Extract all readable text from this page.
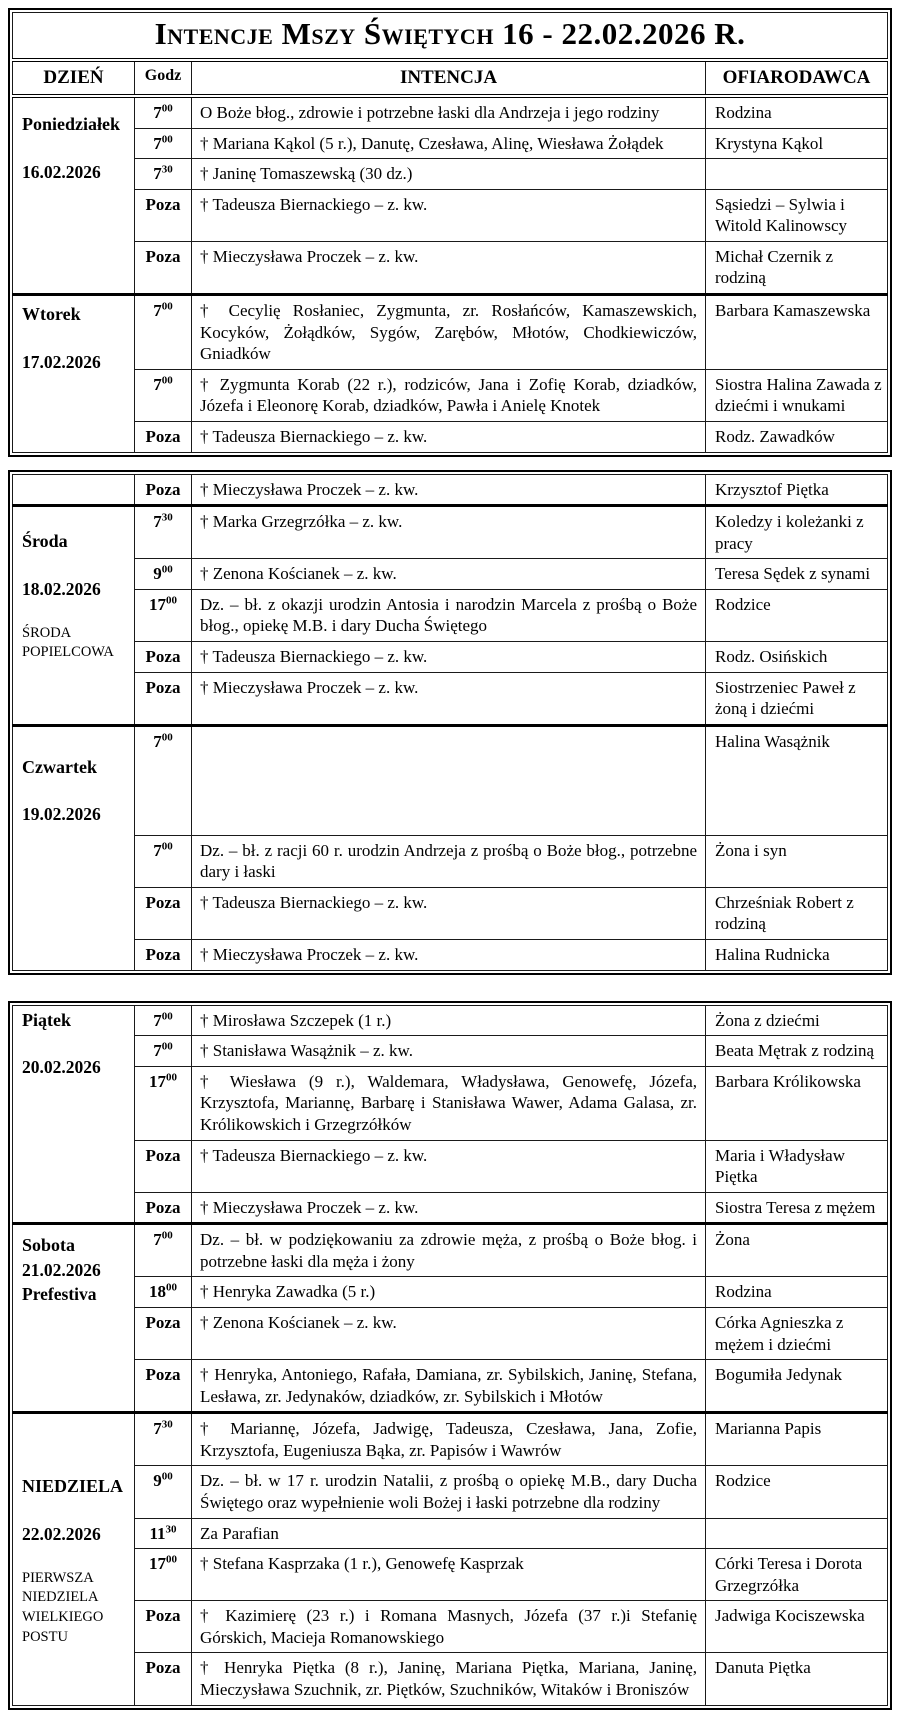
Intencje Mszy Świętych 16 - 22.02.2026 R.			
DZIEŃ	Godz	INTENCJA	OFIARODAWCA

Poniedziałek
16.02.2026	$7^{00}$	O Boże błog., zdrowie i potrzebne łaski dla Andrzeja i jego rodziny	Rodzina
	$7^{00}$	† Mariana Kąkol (5 r.), Danutę, Czesława, Alinę, Wiesława Żołądek	Krystyna Kąkol
	$7^{30}$	† Janinę Tomaszewską (30 dz.)	
	Poza	† Tadeusza Biernackiego – z. kw.	Sąsiedzi – Sylwia i Witold Kalinowscy
	Poza	† Mieczysława Proczek – z. kw.	Michał Czernik z rodziną

Wtorek
17.02.2026	$7^{00}$	† Cecylię Rosłaniec, Zygmunta, zr. Rosłańców, Kamaszewskich, Kocyków, Żołądków, Sygów, Zarębów, Młotów, Chodkiewiczów, Gniadków	Barbara Kamaszewska
	$7^{00}$	† Zygmunta Korab (22 r.), rodziców, Jana i Zofię Korab, dziadków, Józefa i Eleonorę Korab, dziadków, Pawła i Anielę Knotek	Siostra Halina Zawada z dziećmi i wnukami
	Poza	† Tadeusza Biernackiego – z. kw.	Rodz. Zawadków
	Poza	† Mieczysława Proczek – z. kw.	Krzysztof Piętka

Środa
18.02.2026
ŚRODA POPIELCOWA	$7^{30}$	† Marka Grzegrzółka – z. kw.	Koledzy i koleżanki z pracy
	$9^{00}$	† Zenona Kościanek – z. kw.	Teresa Sędek z synami
	$17^{00}$	Dz. – bł. z okazji urodzin Antosia i narodzin Marcela z prośbą o Boże błog., opiekę M.B. i dary Ducha Świętego	Rodzice
	Poza	† Tadeusza Biernackiego – z. kw.	Rodz. Osińskich
	Poza	† Mieczysława Proczek – z. kw.	Siostrzeniec Paweł z żoną i dziećmi

Czwartek
19.02.2026	$7^{00}$		Halina Wasążnik
	$7^{00}$	Dz. – bł. z racji 60 r. urodzin Andrzeja z prośbą o Boże błog., potrzebne dary i łaski	Żona i syn
	Poza	† Tadeusza Biernackiego – z. kw.	Chrześniak Robert z rodziną
	Poza	† Mieczysława Proczek – z. kw.	Halina Rudnicka
Piątek
20.02.2026	$7^{00}$	† Mirosława Szczepek (1 r.)	Żona z dziećmi
	$7^{00}$	† Stanisława Wasążnik – z. kw.	Beata Mętrak z rodziną
	$17^{00}$	† Wiesława (9 r.), Waldemara, Władysława, Genowefę, Józefa, Krzysztofa, Mariannę, Barbarę i Stanisława Wawer, Adama Galasa, zr. Królikowskich i Grzegrzółków	Barbara Królikowska
	Poza	† Tadeusza Biernackiego – z. kw.	Maria i Władysław Piętka
	Poza	† Mieczysława Proczek – z. kw.	Siostra Teresa z mężem

Sobota
21.02.2026
Prefestiva	$7^{00}$	Dz. – bł. w podziękowaniu za zdrowie męża, z prośbą o Boże błog. i potrzebne łaski dla męża i żony	Żona
	$18^{00}$	† Henryka Zawadka (5 r.)	Rodzina
	Poza	† Zenona Kościanek – z. kw.	Córka Agnieszka z mężem i dziećmi
	Poza	† Henryka, Antoniego, Rafała, Damiana, zr. Sybilskich, Janinę, Stefana, Lesława, zr. Jedynaków, dziadków, zr. Sybilskich i Młotów	Bogumiła Jedynak

NIEDZIELA
22.02.2026
PIERWSZA NIEDZIELA WIELKIEGO POSTU	$7^{30}$	† Mariannę, Józefa, Jadwigę, Tadeusza, Czesława, Jana, Zofie, Krzysztofa, Eugeniusza Bąka, zr. Papisów i Wawrów	Marianna Papis
	$9^{00}$	Dz. – bł. w 17 r. urodzin Natalii, z prośbą o opiekę M.B., dary Ducha Świętego oraz wypełnienie woli Bożej i łaski potrzebne dla rodziny	Rodzice
	$11^{30}$	Za Parafian	
	$17^{00}$	† Stefana Kasprzaka (1 r.), Genowefę Kasprzak	Córki Teresa i Dorota Grzegrzółka
	Poza	† Kazimierę (23 r.) i Romana Masnych, Józefa (37 r.)i Stefanię Górskich, Macieja Romanowskiego	Jadwiga Kociszewska
	Poza	† Henryka Piętka (8 r.), Janinę, Mariana Piętka, Mariana, Janinę, Mieczysława Szuchnik, zr. Piętków, Szuchników, Witaków i Broniszów	Danuta Piętka
